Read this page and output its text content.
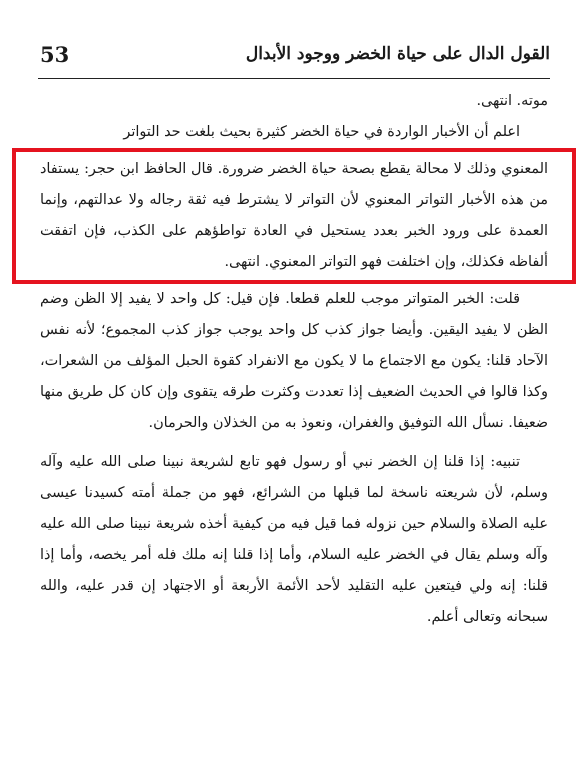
53	القول الدال على حياة الخضر ووجود الأبدال

موته. انتهى.

اعلم أن الأخبار الواردة في حياة الخضر كثيرة بحيث بلغت حد التواتر

المعنوي وذلك لا محالة يقطع بصحة حياة الخضر ضرورة. قال الحافظ ابن حجر: يستفاد من هذه الأخبار التواتر المعنوي لأن التواتر لا يشترط فيه ثقة رجاله ولا عدالتهم، وإنما العمدة على ورود الخبر بعدد يستحيل في العادة تواطؤهم على الكذب، فإن اتفقت ألفاظه فكذلك، وإن اختلفت فهو التواتر المعنوي. انتهى.

قلت: الخبر المتواتر موجب للعلم قطعا. فإن قيل: كل واحد لا يفيد إلا الظن وضم الظن لا يفيد اليقين. وأيضا جواز كذب كل واحد يوجب جواز كذب المجموع؛ لأنه نفس الآحاد قلنا: يكون مع الاجتماع ما لا يكون مع الانفراد كقوة الحبل المؤلف من الشعرات، وكذا قالوا في الحديث الضعيف إذا تعددت وكثرت طرقه يتقوى وإن كان كل طريق منها ضعيفا. نسأل الله التوفيق والغفران، ونعوذ به من الخذلان والحرمان.

تنبيه: إذا قلنا إن الخضر نبي أو رسول فهو تابع لشريعة نبينا صلى الله عليه وآله وسلم، لأن شريعته ناسخة لما قبلها من الشرائع، فهو من جملة أمته كسيدنا عيسى عليه الصلاة والسلام حين نزوله فما قيل فيه من كيفية أخذه شريعة نبينا صلى الله عليه وآله وسلم يقال في الخضر عليه السلام، وأما إذا قلنا إنه ملك فله أمر يخصه، وأما إذا قلنا: إنه ولي فيتعين عليه التقليد لأحد الأئمة الأربعة أو الاجتهاد إن قدر عليه، والله سبحانه وتعالى أعلم.
